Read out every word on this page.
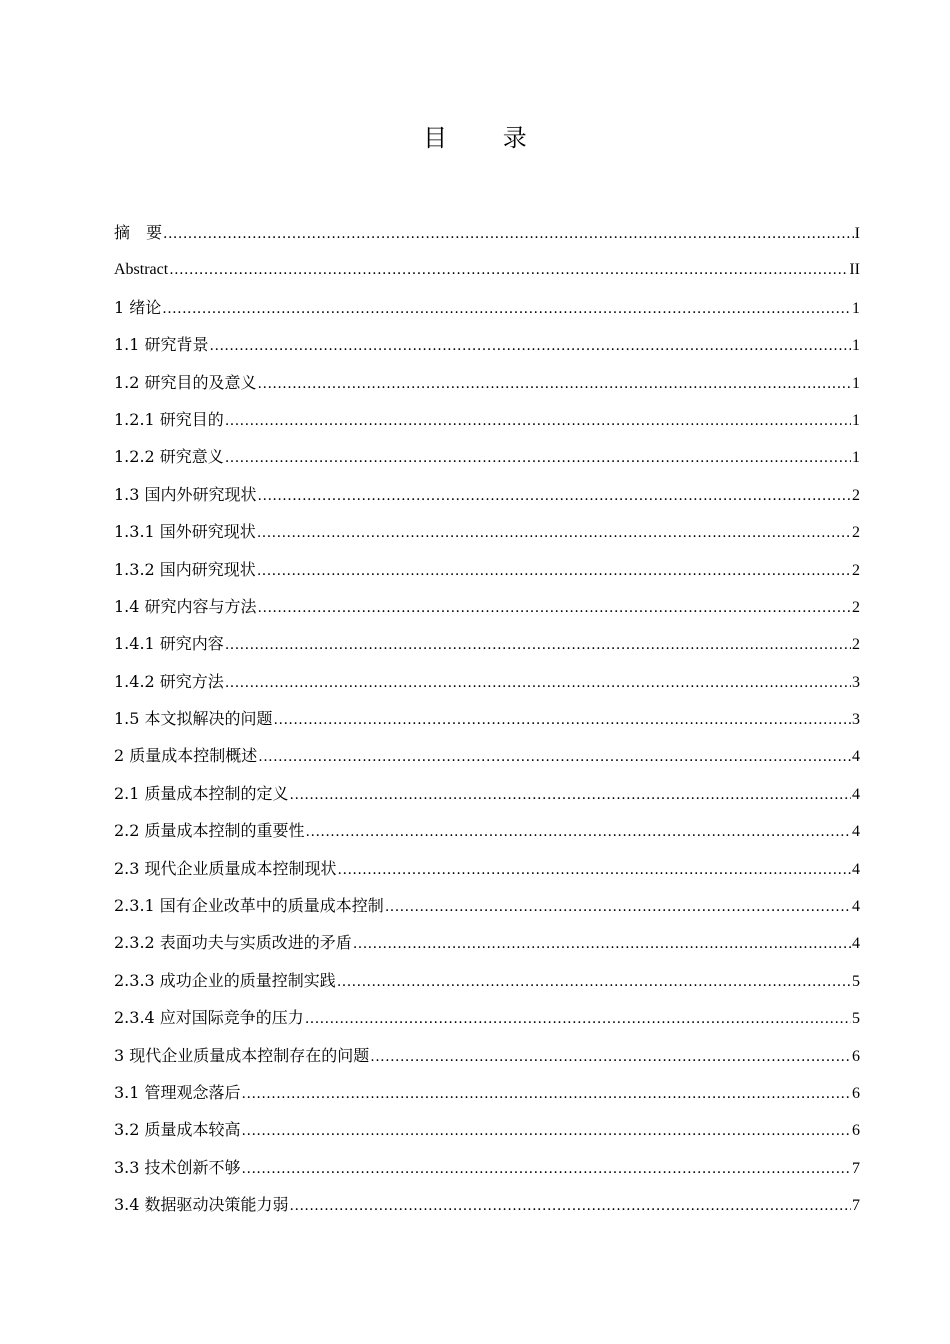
目 录
摘　要 .....	I
Abstract .....	II
1 绪论 .....	1
1.1 研究背景 .....	1
1.2 研究目的及意义 .....	1
1.2.1 研究目的 .....	1
1.2.2 研究意义 .....	1
1.3 国内外研究现状 .....	2
1.3.1 国外研究现状 .....	2
1.3.2 国内研究现状 .....	2
1.4 研究内容与方法 .....	2
1.4.1 研究内容 .....	2
1.4.2 研究方法 .....	3
1.5 本文拟解决的问题 .....	3
2 质量成本控制概述 .....	4
2.1 质量成本控制的定义 .....	4
2.2 质量成本控制的重要性 .....	4
2.3 现代企业质量成本控制现状 .....	4
2.3.1 国有企业改革中的质量成本控制 .....	4
2.3.2 表面功夫与实质改进的矛盾 .....	4
2.3.3 成功企业的质量控制实践 .....	5
2.3.4 应对国际竞争的压力 .....	5
3 现代企业质量成本控制存在的问题 .....	6
3.1 管理观念落后 .....	6
3.2 质量成本较高 .....	6
3.3 技术创新不够 .....	7
3.4 数据驱动决策能力弱 .....	7
